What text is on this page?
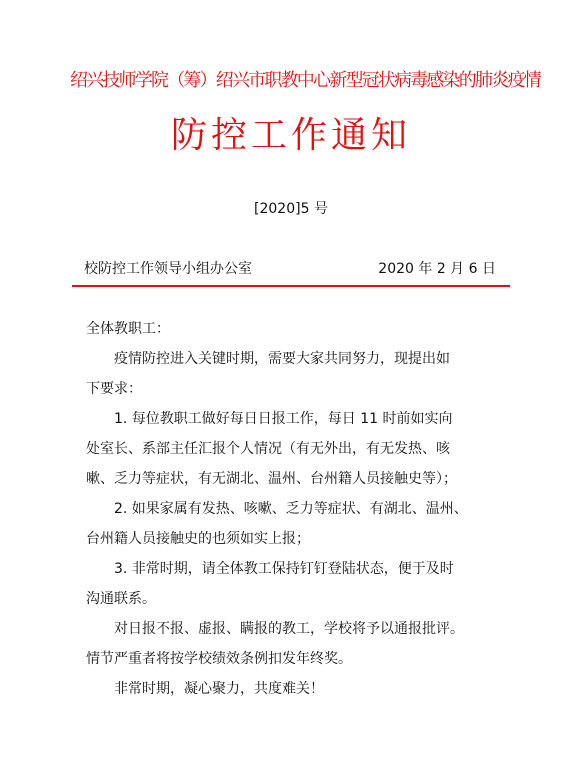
绍兴技师学院（筹）绍兴市职教中心新型冠状病毒感染的肺炎疫情
防控工作通知
[2020]5 号
校防控工作领导小组办公室	2020 年 2 月 6 日

全体教职工：

疫情防控进入关键时期，需要大家共同努力，现提出如

下要求：

1. 每位教职工做好每日日报工作，每日 11 时前如实向

处室长、系部主任汇报个人情况（有无外出，有无发热、咳

嗽、乏力等症状，有无湖北、温州、台州籍人员接触史等）；

2. 如果家属有发热、咳嗽、乏力等症状、有湖北、温州、

台州籍人员接触史的也须如实上报；

3. 非常时期，请全体教工保持钉钉登陆状态，便于及时

沟通联系。

对日报不报、虚报、瞒报的教工，学校将予以通报批评。

情节严重者将按学校绩效条例扣发年终奖。

非常时期，凝心聚力，共度难关！
